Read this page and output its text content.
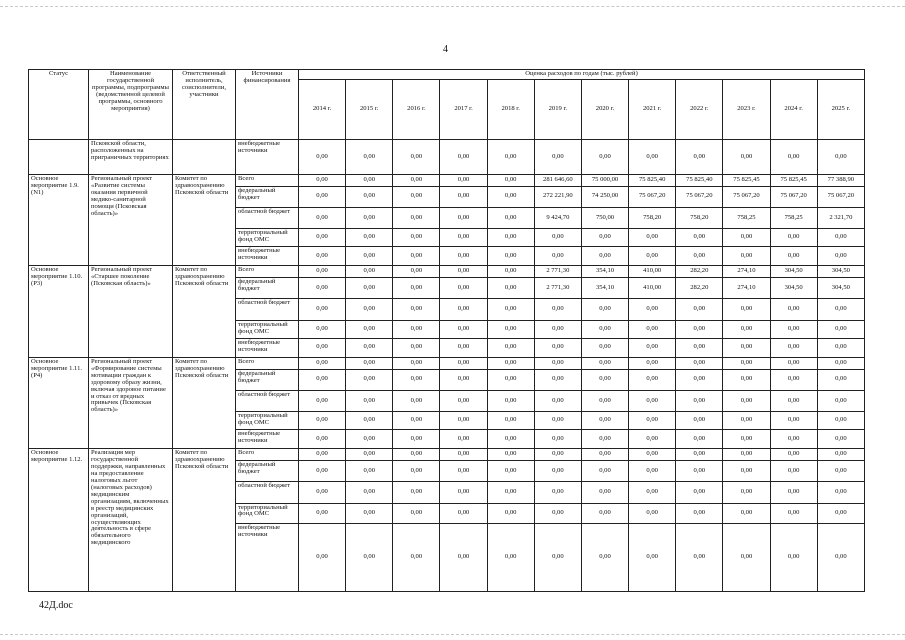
4
Статус	Наименование государственной программы, подпрограммы (ведомственной целевой программы, основного мероприятия)	Ответственный исполнитель, соисполнители, участники	Источники финансирования	Оценка расходов по годам (тыс. рублей)											
				2014 г.	2015 г.	2016 г.	2017 г.	2018 г.	2019 г.	2020 г.	2021 г.	2022 г.	2023 г.	2024 г.	2025 г.
	Псковской области, расположенных на приграничных территориях		внебюджетные источники	0,00	0,00	0,00	0,00	0,00	0,00	0,00	0,00	0,00	0,00	0,00	0,00
Основное мероприятие 1.9. (N1)	Региональный проект «Развитие системы оказания первичной медико-санитарной помощи (Псковская область)»	Комитет по здравоохранению Псковской области	Всего	0,00	0,00	0,00	0,00	0,00	281 646,60	75 000,00	75 825,40	75 825,40	75 825,45	75 825,45	77 388,90
			федеральный бюджет	0,00	0,00	0,00	0,00	0,00	272 221,90	74 250,00	75 067,20	75 067,20	75 067,20	75 067,20	75 067,20
			областной бюджет	0,00	0,00	0,00	0,00	0,00	9 424,70	750,00	758,20	758,20	758,25	758,25	2 321,70
			территориальный фонд ОМС	0,00	0,00	0,00	0,00	0,00	0,00	0,00	0,00	0,00	0,00	0,00	0,00
			внебюджетные источники	0,00	0,00	0,00	0,00	0,00	0,00	0,00	0,00	0,00	0,00	0,00	0,00
Основное мероприятие 1.10. (Р3)	Региональный проект «Старшее поколение (Псковская область)»	Комитет по здравоохранению Псковской области	Всего	0,00	0,00	0,00	0,00	0,00	2 771,30	354,10	410,00	282,20	274,10	304,50	304,50
			федеральный бюджет	0,00	0,00	0,00	0,00	0,00	2 771,30	354,10	410,00	282,20	274,10	304,50	304,50
			областной бюджет	0,00	0,00	0,00	0,00	0,00	0,00	0,00	0,00	0,00	0,00	0,00	0,00
			территориальный фонд ОМС	0,00	0,00	0,00	0,00	0,00	0,00	0,00	0,00	0,00	0,00	0,00	0,00
			внебюджетные источники	0,00	0,00	0,00	0,00	0,00	0,00	0,00	0,00	0,00	0,00	0,00	0,00
Основное мероприятие 1.11. (Р4)	Региональный проект «Формирование системы мотивации граждан к здоровому образу жизни, включая здоровое питание и отказ от вредных привычек (Псковская область)»	Комитет по здравоохранению Псковской области	Всего	0,00	0,00	0,00	0,00	0,00	0,00	0,00	0,00	0,00	0,00	0,00	0,00
			федеральный бюджет	0,00	0,00	0,00	0,00	0,00	0,00	0,00	0,00	0,00	0,00	0,00	0,00
			областной бюджет	0,00	0,00	0,00	0,00	0,00	0,00	0,00	0,00	0,00	0,00	0,00	0,00
			территориальный фонд ОМС	0,00	0,00	0,00	0,00	0,00	0,00	0,00	0,00	0,00	0,00	0,00	0,00
			внебюджетные источники	0,00	0,00	0,00	0,00	0,00	0,00	0,00	0,00	0,00	0,00	0,00	0,00
Основное мероприятие 1.12.	Реализация мер государственной поддержки, направленных на предоставление налоговых льгот (налоговых расходов) медицинским организациям, включенных в реестр медицинских организаций, осуществляющих деятельность в сфере обязательного медицинского	Комитет по здравоохранению Псковской области	Всего	0,00	0,00	0,00	0,00	0,00	0,00	0,00	0,00	0,00	0,00	0,00	0,00
			федеральный бюджет	0,00	0,00	0,00	0,00	0,00	0,00	0,00	0,00	0,00	0,00	0,00	0,00
			областной бюджет	0,00	0,00	0,00	0,00	0,00	0,00	0,00	0,00	0,00	0,00	0,00	0,00
			территориальный фонд ОМС	0,00	0,00	0,00	0,00	0,00	0,00	0,00	0,00	0,00	0,00	0,00	0,00
			внебюджетные источники	0,00	0,00	0,00	0,00	0,00	0,00	0,00	0,00	0,00	0,00	0,00	0,00
42Д.doc
